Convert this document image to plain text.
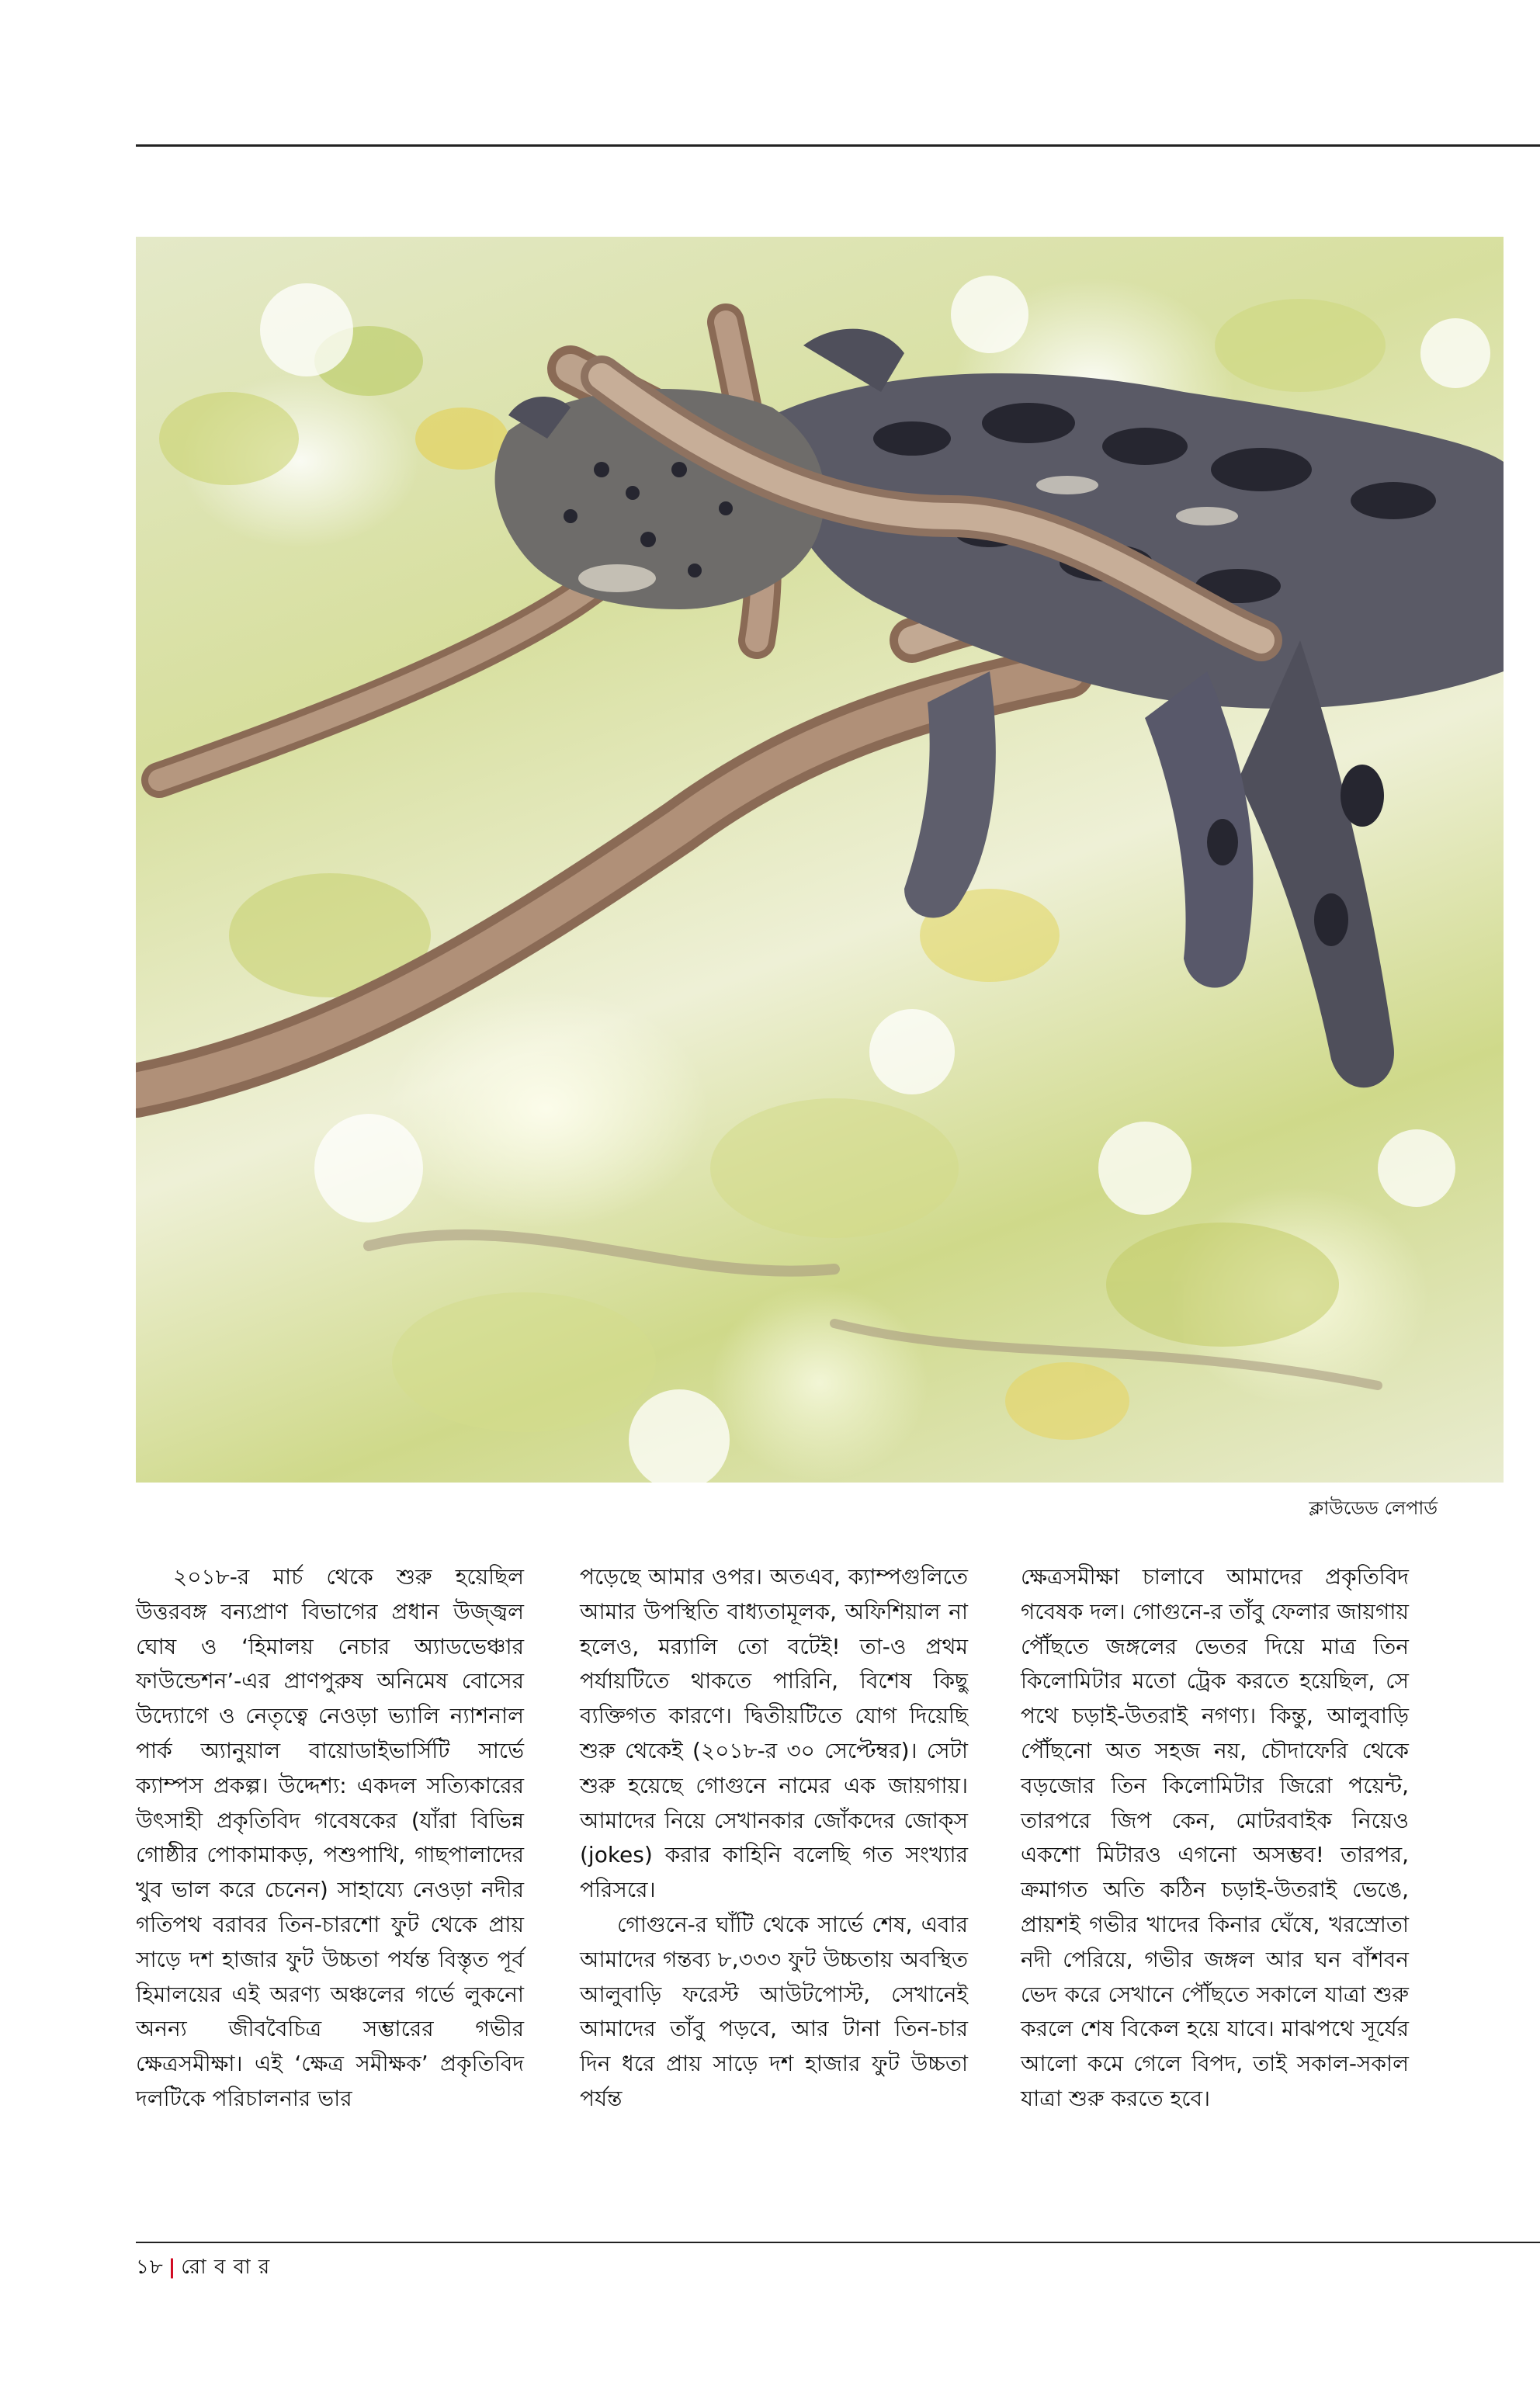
ক্লাউডেড লেপার্ড

২০১৮-র মার্চ থেকে শুরু হয়েছিল উত্তরবঙ্গ বন্যপ্রাণ বিভাগের প্রধান উজ্জ্বল ঘোষ ও ‘হিমালয় নেচার অ্যাডভেঞ্চার ফাউন্ডেশন’-এর প্রাণপুরুষ অনিমেষ বোসের উদ্যোগে ও নেতৃত্বে নেওড়া ভ্যালি ন্যাশনাল পার্ক অ্যানুয়াল বায়োডাইভার্সিটি সার্ভে ক্যাম্পস প্রকল্প। উদ্দেশ্য: একদল সত্যিকারের উৎসাহী প্রকৃতিবিদ গবেষকের (যাঁরা বিভিন্ন গোষ্ঠীর পোকামাকড়, পশুপাখি, গাছপালাদের খুব ভাল করে চেনেন) সাহায্যে নেওড়া নদীর গতিপথ বরাবর তিন-চারশো ফুট থেকে প্রায় সাড়ে দশ হাজার ফুট উচ্চতা পর্যন্ত বিস্তৃত পূর্ব হিমালয়ের এই অরণ্য অঞ্চলের গর্ভে লুকনো অনন্য জীববৈচিত্র সম্ভারের গভীর ক্ষেত্রসমীক্ষা। এই ‘ক্ষেত্র সমীক্ষক’ প্রকৃতিবিদ দলটিকে পরিচালনার ভার

পড়েছে আমার ওপর। অতএব, ক্যাম্পগুলিতে আমার উপস্থিতি বাধ্যতামূলক, অফিশিয়াল না হলেও, মর‌্যালি তো বটেই! তা-ও প্রথম পর্যায়টিতে থাকতে পারিনি, বিশেষ কিছু ব্যক্তিগত কারণে। দ্বিতীয়টিতে যোগ দিয়েছি শুরু থেকেই (২০১৮-র ৩০ সেপ্টেম্বর)। সেটা শুরু হয়েছে গোগুনে নামের এক জায়গায়। আমাদের নিয়ে সেখানকার জোঁকদের জোক্‌স (jokes) করার কাহিনি বলেছি গত সংখ্যার পরিসরে।

গোগুনে-র ঘাঁটি থেকে সার্ভে শেষ, এবার আমাদের গন্তব্য ৮,৩৩৩ ফুট উচ্চতায় অবস্থিত আলুবাড়ি ফরেস্ট আউটপোস্ট, সেখানেই আমাদের তাঁবু পড়বে, আর টানা তিন-চার দিন ধরে প্রায় সাড়ে দশ হাজার ফুট উচ্চতা পর্যন্ত

ক্ষেত্রসমীক্ষা চালাবে আমাদের প্রকৃতিবিদ গবেষক দল। গোগুনে-র তাঁবু ফেলার জায়গায় পৌঁছতে জঙ্গলের ভেতর দিয়ে মাত্র তিন কিলোমিটার মতো ট্রেক করতে হয়েছিল, সে পথে চড়াই-উতরাই নগণ্য। কিন্তু, আলুবাড়ি পৌঁছনো অত সহজ নয়, চৌদাফেরি থেকে বড়জোর তিন কিলোমিটার জিরো পয়েন্ট, তারপরে জিপ কেন, মোটরবাইক নিয়েও একশো মিটারও এগনো অসম্ভব! তারপর, ক্রমাগত অতি কঠিন চড়াই-উতরাই ভেঙে, প্রায়শই গভীর খাদের কিনার ঘেঁষে, খরস্রোতা নদী পেরিয়ে, গভীর জঙ্গল আর ঘন বাঁশবন ভেদ করে সেখানে পৌঁছতে সকালে যাত্রা শুরু করলে শেষ বিকেল হয়ে যাবে। মাঝপথে সূর্যের আলো কমে গেলে বিপদ, তাই সকাল-সকাল যাত্রা শুরু করতে হবে।

১৮ | রো ব বা র
